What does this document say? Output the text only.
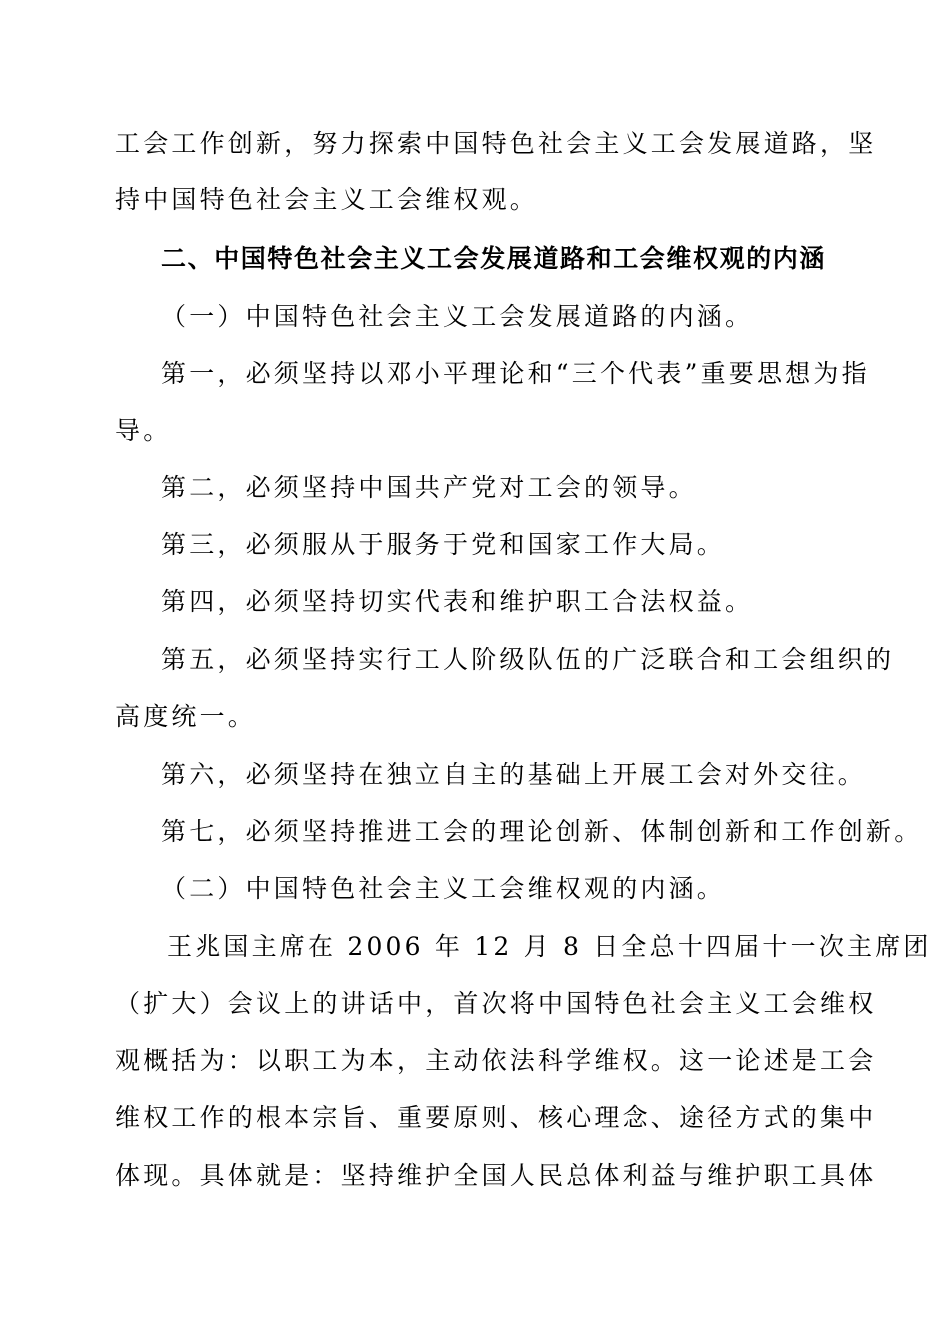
工会工作创新，努力探索中国特色社会主义工会发展道路，坚
持中国特色社会主义工会维权观。
二、中国特色社会主义工会发展道路和工会维权观的内涵
（一）中国特色社会主义工会发展道路的内涵。
第一，必须坚持以邓小平理论和“三个代表”重要思想为指
导。
第二，必须坚持中国共产党对工会的领导。
第三，必须服从于服务于党和国家工作大局。
第四，必须坚持切实代表和维护职工合法权益。
第五，必须坚持实行工人阶级队伍的广泛联合和工会组织的
高度统一。
第六，必须坚持在独立自主的基础上开展工会对外交往。
第七，必须坚持推进工会的理论创新、体制创新和工作创新。
（二）中国特色社会主义工会维权观的内涵。
王兆国主席在 2006 年 12 月 8 日全总十四届十一次主席团
（扩大）会议上的讲话中，首次将中国特色社会主义工会维权
观概括为：以职工为本，主动依法科学维权。这一论述是工会
维权工作的根本宗旨、重要原则、核心理念、途径方式的集中
体现。具体就是：坚持维护全国人民总体利益与维护职工具体
